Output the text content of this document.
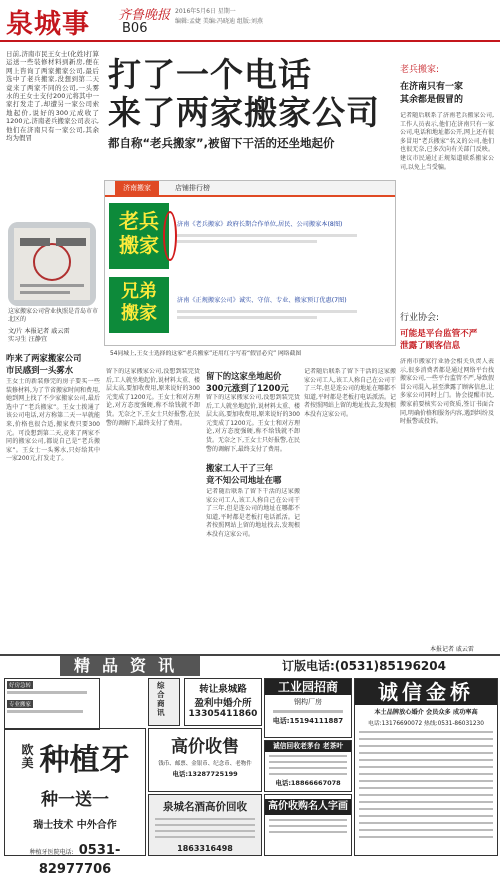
泉城事 齐鲁晚报
B06
2016年5月6日 星期一
编辑:孟婕 美编:冯晓迪 组版:刘燕
日前,济南市民王女士(化姓)打算运送一些装修材料到新房,便在网上咨询了两家搬家公司,最后选中了老兵搬家,没想到第二天竟来了两家不同的公司,一头雾水的王女士支付200元将其中一家打发走了,却遭另一家公司索地起价,说好的300元成收了1200元,济南老兵搬家公司表示,他们在济南只有一家公司,其余均为假冒
这家搬家公司营业执照是青岛市市北区的
文/片 本报记者 戚云雷
实习生 汪静宜
打了一个电话
来了两家搬家公司
都自称“老兵搬家”,被留下干活的还坐地起价
济南搬家	店铺排行榜
老兵搬家
兄弟搬家
济南《老兵搬家》政府长期合作单位,居民、公司搬家本(8图)
济南《正规搬家公司》诚实、守信、专业、搬家预订优惠(7图)
54同城上,王女士选择的这家“老兵搬家”还用红字写着“假冒必究” 网络截图
老兵搬家:
在济南只有一家
其余都是假冒的
记者随后联系了济南老兵搬家公司,工作人员表示,他们在济南只有一家公司,电话和地址都公开,网上还有很多冒用“老兵搬家”名义的公司,他们也很无奈,已多次向有关部门反映。建议市民通过正规渠道联系搬家公司,以免上当受骗。
行业协会:
可能是平台监管不严
泄露了顾客信息
济南市搬家行业协会相关负责人表示,很多消费者都是通过网络平台找搬家公司,一些平台监管不严,导致假冒公司混入,甚至泄露了顾客信息,让多家公司同时上门。协会提醒市民,搬家前要核实公司资质,签订书面合同,明确价格和服务内容,遇到纠纷及时报警或投诉。
本报记者 戚云雷
咋来了两家搬家公司
市民感到一头雾水
王女士的新装修完的房子要买一些装修材料,为了节省搬家时间和费用,她到网上找了不少家搬家公司,最后选中了“老兵搬家”。王女士拨通了该公司电话,对方称第二天一早就能来,价格也很合适,搬家费只要300元。可没想到第二天,竟来了两家不同的搬家公司,都说自己是“老兵搬家”。王女士一头雾水,只好给其中一家200元,打发走了。
留下的这家搬家公司,没想到装完货后,工人就坐地起价,说材料太重、楼层太高,要加收费用,原来说好的300元变成了1200元。王女士和对方理论,对方态度强硬,称不给钱就不卸货。无奈之下,王女士只好报警,在民警的调解下,最终支付了费用。
留下的这家坐地起价
300元涨到了1200元
留下的这家搬家公司,没想到装完货后,工人就坐地起价,说材料太重、楼层太高,要加收费用,原来说好的300元变成了1200元。王女士和对方理论,对方态度强硬,称不给钱就不卸货。无奈之下,王女士只好报警,在民警的调解下,最终支付了费用。
搬家工人干了三年
竟不知公司地址在哪
记者随后联系了留下干活的这家搬家公司工人,该工人称自己在公司干了三年,但是连公司的地址在哪都不知道,平时都是老板打电话派活。记者按照网站上留的地址找去,发现根本没有这家公司。
记者随后联系了留下干活的这家搬家公司工人,该工人称自己在公司干了三年,但是连公司的地址在哪都不知道,平时都是老板打电话派活。记者按照网站上留的地址找去,发现根本没有这家公司。
精品资讯	订版电话:(0531)85196204
好房急转
专业搬家
综合商讯
转让泉城路
盈利中婚介所
13305411860
工业园招商
钢构厂房
电话:15194111887
诚信金桥
本土品牌放心婚介 会员众多 成功率高
电话:13176690072 热线:0531-86031230
欧美 种植牙
种一送一
瑞士技术 中外合作
种植牙医院电话: 0531-82977706
高价收售
钱币、邮票、金银币、纪念币、老物件
电话:13287725199
诚信回收老茅台 老茶叶
电话:18866667078
泉城名酒高价回收
1863316498
高价收购名人字画
